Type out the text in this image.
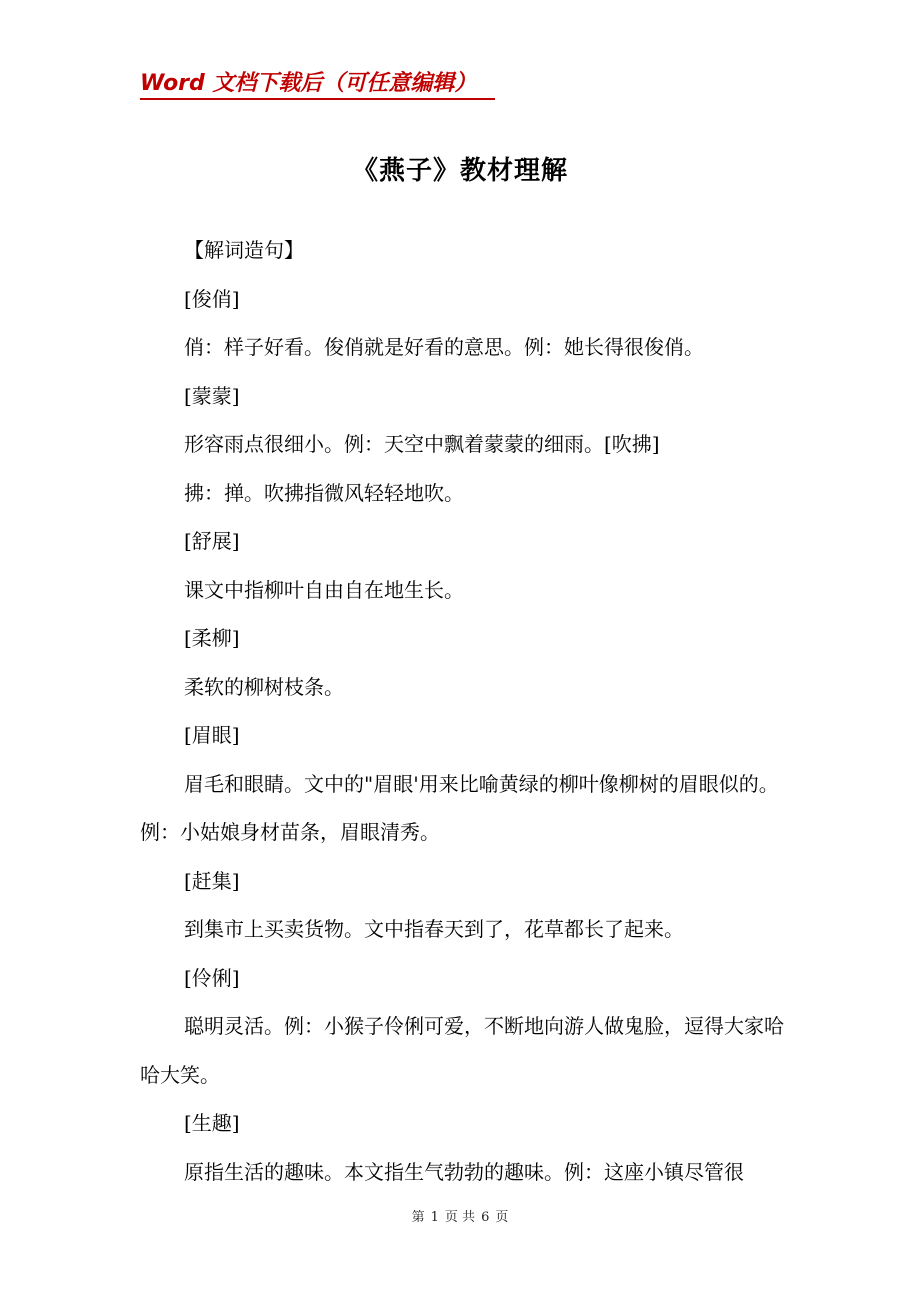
Word 文档下载后（可任意编辑）
《燕子》教材理解

【解词造句】

[俊俏]

俏：样子好看。俊俏就是好看的意思。例：她长得很俊俏。

[蒙蒙]

形容雨点很细小。例：天空中飘着蒙蒙的细雨。[吹拂]

拂：掸。吹拂指微风轻轻地吹。

[舒展]

课文中指柳叶自由自在地生长。

[柔柳]

柔软的柳树枝条。

[眉眼]

眉毛和眼睛。文中的"眉眼'用来比喻黄绿的柳叶像柳树的眉眼似的。例：小姑娘身材苗条，眉眼清秀。

[赶集]

到集市上买卖货物。文中指春天到了，花草都长了起来。

[伶俐]

聪明灵活。例：小猴子伶俐可爱，不断地向游人做鬼脸，逗得大家哈哈大笑。

[生趣]

原指生活的趣味。本文指生气勃勃的趣味。例：这座小镇尽管很

第 1 页 共 6 页
